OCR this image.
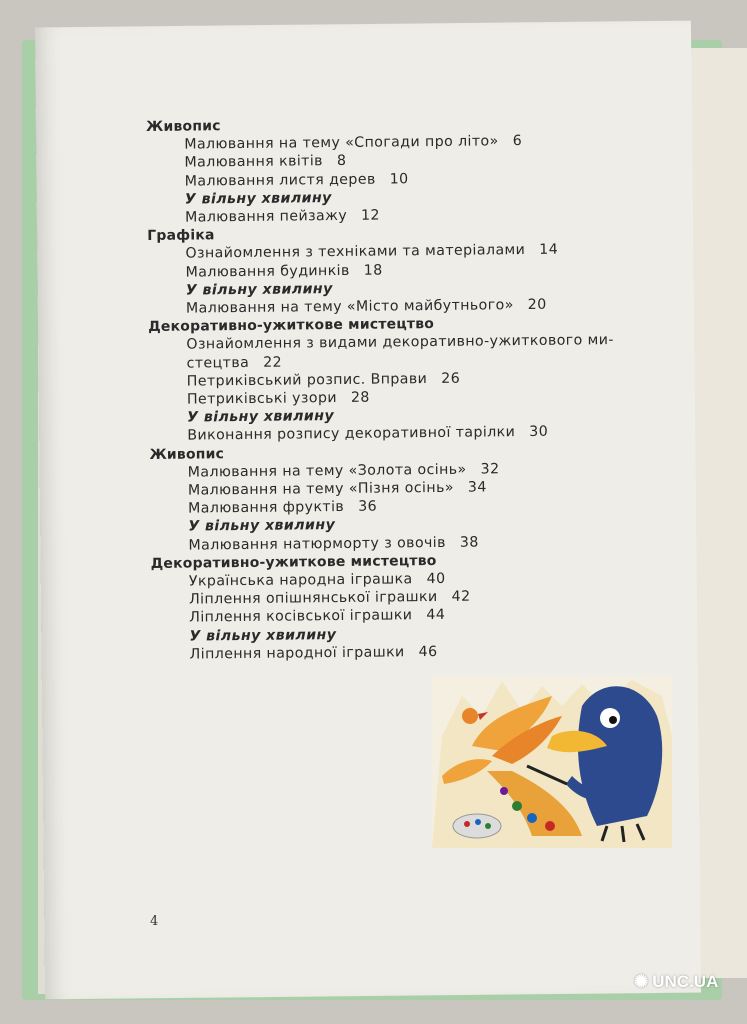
Живопис
Малювання на тему «Спогади про літо» 6
Малювання квітів 8
Малювання листя дерев 10
У вільну хвилину
Малювання пейзажу 12
Графіка
Ознайомлення з техніками та матеріалами 14
Малювання будинків 18
У вільну хвилину
Малювання на тему «Місто майбутнього» 20
Декоративно-ужиткове мистецтво
Ознайомлення з видами декоративно-ужиткового ми-
стецтва 22
Петриківський розпис. Вправи 26
Петриківські узори 28
У вільну хвилину
Виконання розпису декоративної тарілки 30
Живопис
Малювання на тему «Золота осінь» 32
Малювання на тему «Пізня осінь» 34
Малювання фруктів 36
У вільну хвилину
Малювання натюрморту з овочів 38
Декоративно-ужиткове мистецтво
Українська народна іграшка 40
Ліплення опішнянської іграшки 42
Ліплення косівської іграшки 44
У вільну хвилину
Ліплення народної іграшки 46
4
✺ UNC.UA
